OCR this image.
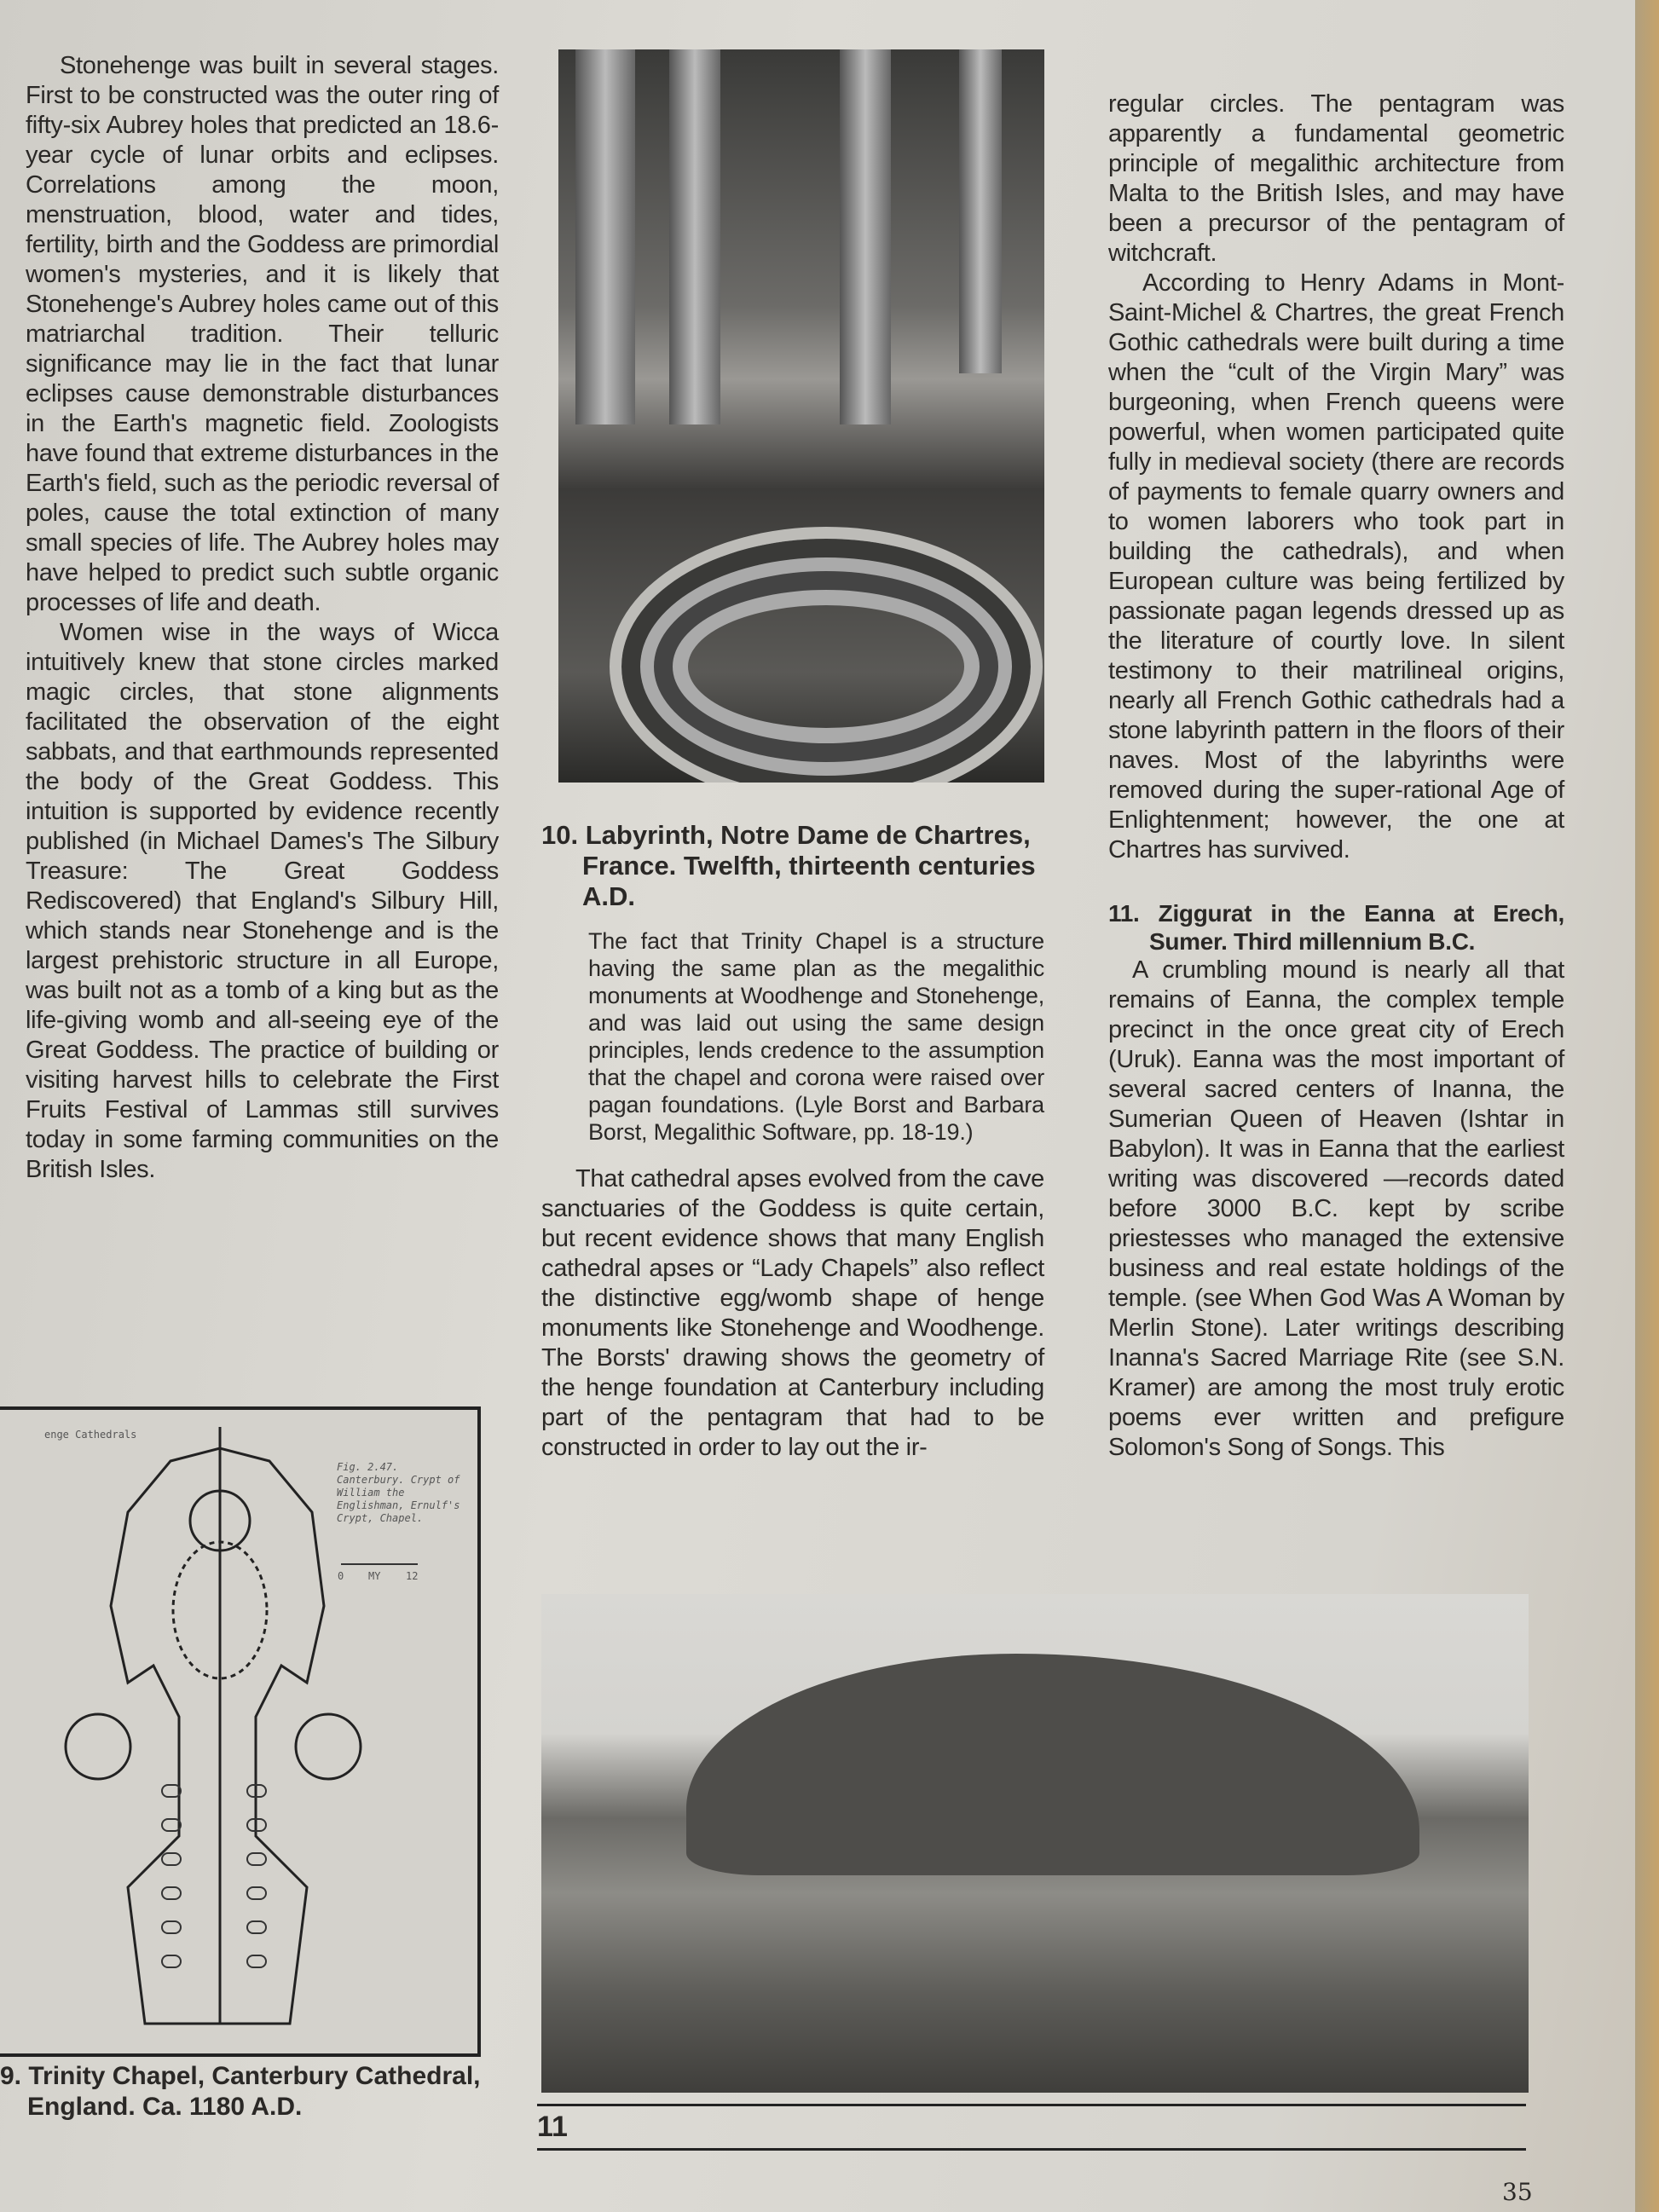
Stonehenge was built in several stages. First to be constructed was the outer ring of fifty-six Aubrey holes that predicted an 18.6-year cycle of lunar orbits and eclipses. Correlations among the moon, menstruation, blood, water and tides, fertility, birth and the Goddess are primordial women's mysteries, and it is likely that Stonehenge's Aubrey holes came out of this matriarchal tradition. Their telluric significance may lie in the fact that lunar eclipses cause demonstrable disturbances in the Earth's magnetic field. Zoologists have found that extreme disturbances in the Earth's field, such as the periodic reversal of poles, cause the total extinction of many small species of life. The Aubrey holes may have helped to predict such subtle organic processes of life and death.

Women wise in the ways of Wicca intuitively knew that stone circles marked magic circles, that stone alignments facilitated the observation of the eight sabbats, and that earthmounds represented the body of the Great Goddess. This intuition is supported by evidence recently published (in Michael Dames's The Silbury Treasure: The Great Goddess Rediscovered) that England's Silbury Hill, which stands near Stonehenge and is the largest prehistoric structure in all Europe, was built not as a tomb of a king but as the life-giving womb and all-seeing eye of the Great Goddess. The practice of building or visiting harvest hills to celebrate the First Fruits Festival of Lammas still survives today in some farming communities on the British Isles.

10. Labyrinth, Notre Dame de Chartres, France. Twelfth, thirteenth centuries A.D.
The fact that Trinity Chapel is a structure having the same plan as the megalithic monuments at Woodhenge and Stonehenge, and was laid out using the same design principles, lends credence to the assumption that the chapel and corona were raised over pagan foundations. (Lyle Borst and Barbara Borst, Megalithic Software, pp. 18-19.)
That cathedral apses evolved from the cave sanctuaries of the Goddess is quite certain, but recent evidence shows that many English cathedral apses or “Lady Chapels” also reflect the distinctive egg/womb shape of henge monuments like Stonehenge and Woodhenge. The Borsts' drawing shows the geometry of the henge foundation at Canterbury including part of the pentagram that had to be constructed in order to lay out the ir-

regular circles. The pentagram was apparently a fundamental geometric principle of megalithic architecture from Malta to the British Isles, and may have been a precursor of the pentagram of witchcraft.

According to Henry Adams in Mont-Saint-Michel & Chartres, the great French Gothic cathedrals were built during a time when the “cult of the Virgin Mary” was burgeoning, when French queens were powerful, when women participated quite fully in medieval society (there are records of payments to female quarry owners and to women laborers who took part in building the cathedrals), and when European culture was being fertilized by passionate pagan legends dressed up as the literature of courtly love. In silent testimony to their matrilineal origins, nearly all French Gothic cathedrals had a stone labyrinth pattern in the floors of their naves. Most of the labyrinths were removed during the super-rational Age of Enlightenment; however, the one at Chartres has survived.

11. Ziggurat in the Eanna at Erech, Sumer. Third millennium B.C.

A crumbling mound is nearly all that remains of Eanna, the complex temple precinct in the once great city of Erech (Uruk). Eanna was the most important of several sacred centers of Inanna, the Sumerian Queen of Heaven (Ishtar in Babylon). It was in Eanna that the earliest writing was discovered —records dated before 3000 B.C. kept by scribe priestesses who managed the extensive business and real estate holdings of the temple. (see When God Was A Woman by Merlin Stone). Later writings describing Inanna's Sacred Marriage Rite (see S.N. Kramer) are among the most truly erotic poems ever written and prefigure Solomon's Song of Songs. This

enge Cathedrals
Fig. 2.47. Canterbury. Crypt of William the Englishman, Ernulf's Crypt, Chapel.
0 MY 12
9. Trinity Chapel, Canterbury Cathedral, England. Ca. 1180 A.D.
11
35
